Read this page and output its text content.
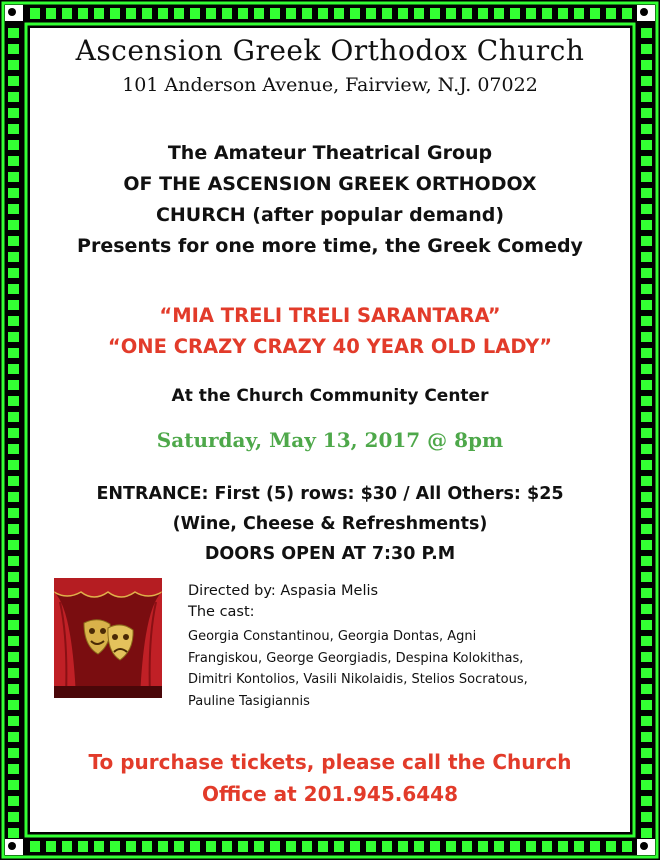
Ascension Greek Orthodox Church
101 Anderson Avenue, Fairview, N.J. 07022
The Amateur Theatrical Group
OF THE ASCENSION GREEK ORTHODOX
CHURCH (after popular demand)
Presents for one more time, the Greek Comedy
“MIA TRELI TRELI SARANTARA”
“ONE CRAZY CRAZY 40 YEAR OLD LADY”
At the Church Community Center
Saturday, May 13, 2017 @ 8pm
ENTRANCE: First (5) rows: $30 / All Others: $25
(Wine, Cheese & Refreshments)
DOORS OPEN AT 7:30 P.M
Directed by: Aspasia Melis
The cast:
Georgia Constantinou, Georgia Dontas, Agni
Frangiskou, George Georgiadis, Despina Kolokithas,
Dimitri Kontolios, Vasili Nikolaidis, Stelios Socratous,
Pauline Tasigiannis
To purchase tickets, please call the Church
Office at 201.945.6448
